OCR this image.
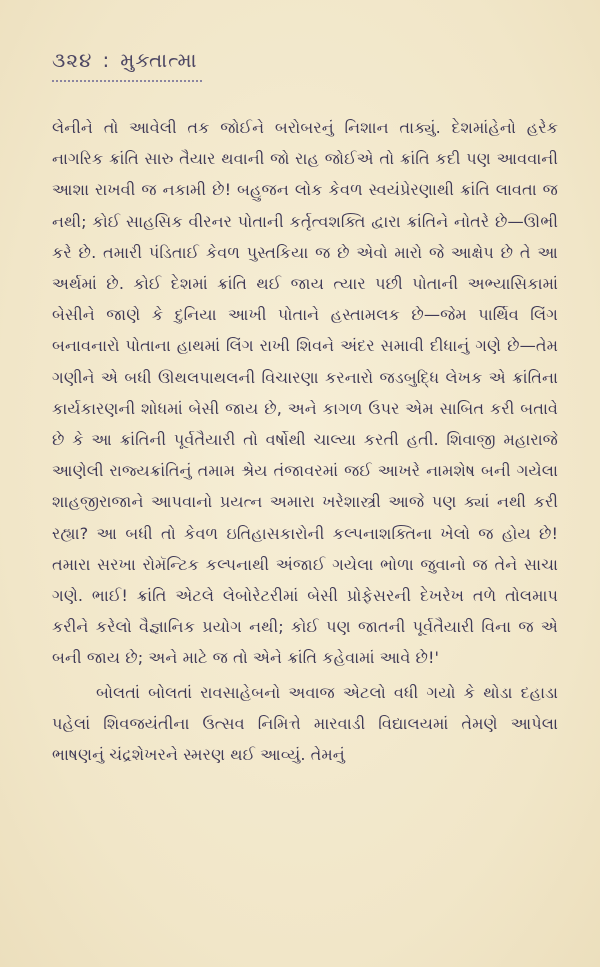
૩૨૪ : મુક્તાત્મા

લેનીને તો આવેલી તક જોઈને બરોબરનું નિશાન તાક્યું. દેશમાંહેનો હરેક નાગરિક ક્રાંતિ સારુ તૈયાર થવાની જો રાહ જોઈએ તો ક્રાંતિ કદી પણ આવવાની આશા રાખવી જ નકામી છે! બહુજન લોક કેવળ સ્વયંપ્રેરણાથી ક્રાંતિ લાવતા જ નથી; કોઈ સાહસિક વીરનર પોતાની કર્તૃત્વશક્તિ દ્વારા ક્રાંતિને નોતરે છે—ઊભી કરે છે. તમારી પંડિતાઈ કેવળ પુસ્તકિયા જ છે એવો મારો જે આક્ષેપ છે તે આ અર્થમાં છે. કોઈ દેશમાં ક્રાંતિ થઈ જાય ત્યાર પછી પોતાની અભ્યાસિકામાં બેસીને જાણે કે દુનિયા આખી પોતાને હસ્તામલક છે—જેમ પાર્થિવ લિંગ બનાવનારો પોતાના હાથમાં લિંગ રાખી શિવને અંદર સમાવી દીધાનું ગણે છે—તેમ ગણીને એ બધી ઊથલપાથલની વિચારણા કરનારો જડબુદ્ધિ લેખક એ ક્રાંતિના કાર્યકારણની શોધમાં બેસી જાય છે, અને કાગળ ઉપર એમ સાબિત કરી બતાવે છે કે આ ક્રાંતિની પૂર્વતૈયારી તો વર્ષોથી ચાલ્યા કરતી હતી. શિવાજી મહારાજે આણેલી રાજ્યક્રાંતિનું તમામ શ્રેય તંજાવરમાં જઈ આખરે નામશેષ બની ગયેલા શાહજીરાજાને આપવાનો પ્રયત્ન અમારા ખરેશાસ્ત્રી આજે પણ ક્યાં નથી કરી રહ્યા? આ બધી તો કેવળ ઇતિહાસકારોની કલ્પનાશક્તિના ખેલો જ હોય છે! તમારા સરખા રોમૅન્ટિક કલ્પનાથી અંજાઈ ગયેલા ભોળા જુવાનો જ તેને સાચા ગણે. ભાઈ! ક્રાંતિ એટલે લેબોરેટરીમાં બેસી પ્રોફેસરની દેખરેખ તળે તોલમાપ કરીને કરેલો વૈજ્ઞાનિક પ્રયોગ નથી; કોઈ પણ જાતની પૂર્વતૈયારી વિના જ એ બની જાય છે; અને માટે જ તો એને ક્રાંતિ કહેવામાં આવે છે!'

બોલતાં બોલતાં રાવસાહેબનો અવાજ એટલો વધી ગયો કે થોડા દહાડા પહેલાં શિવજયંતીના ઉત્સવ નિમિત્તે મારવાડી વિદ્યાલયમાં તેમણે આપેલા ભાષણનું ચંદ્રશેખરને સ્મરણ થઈ આવ્યું. તેમનું
